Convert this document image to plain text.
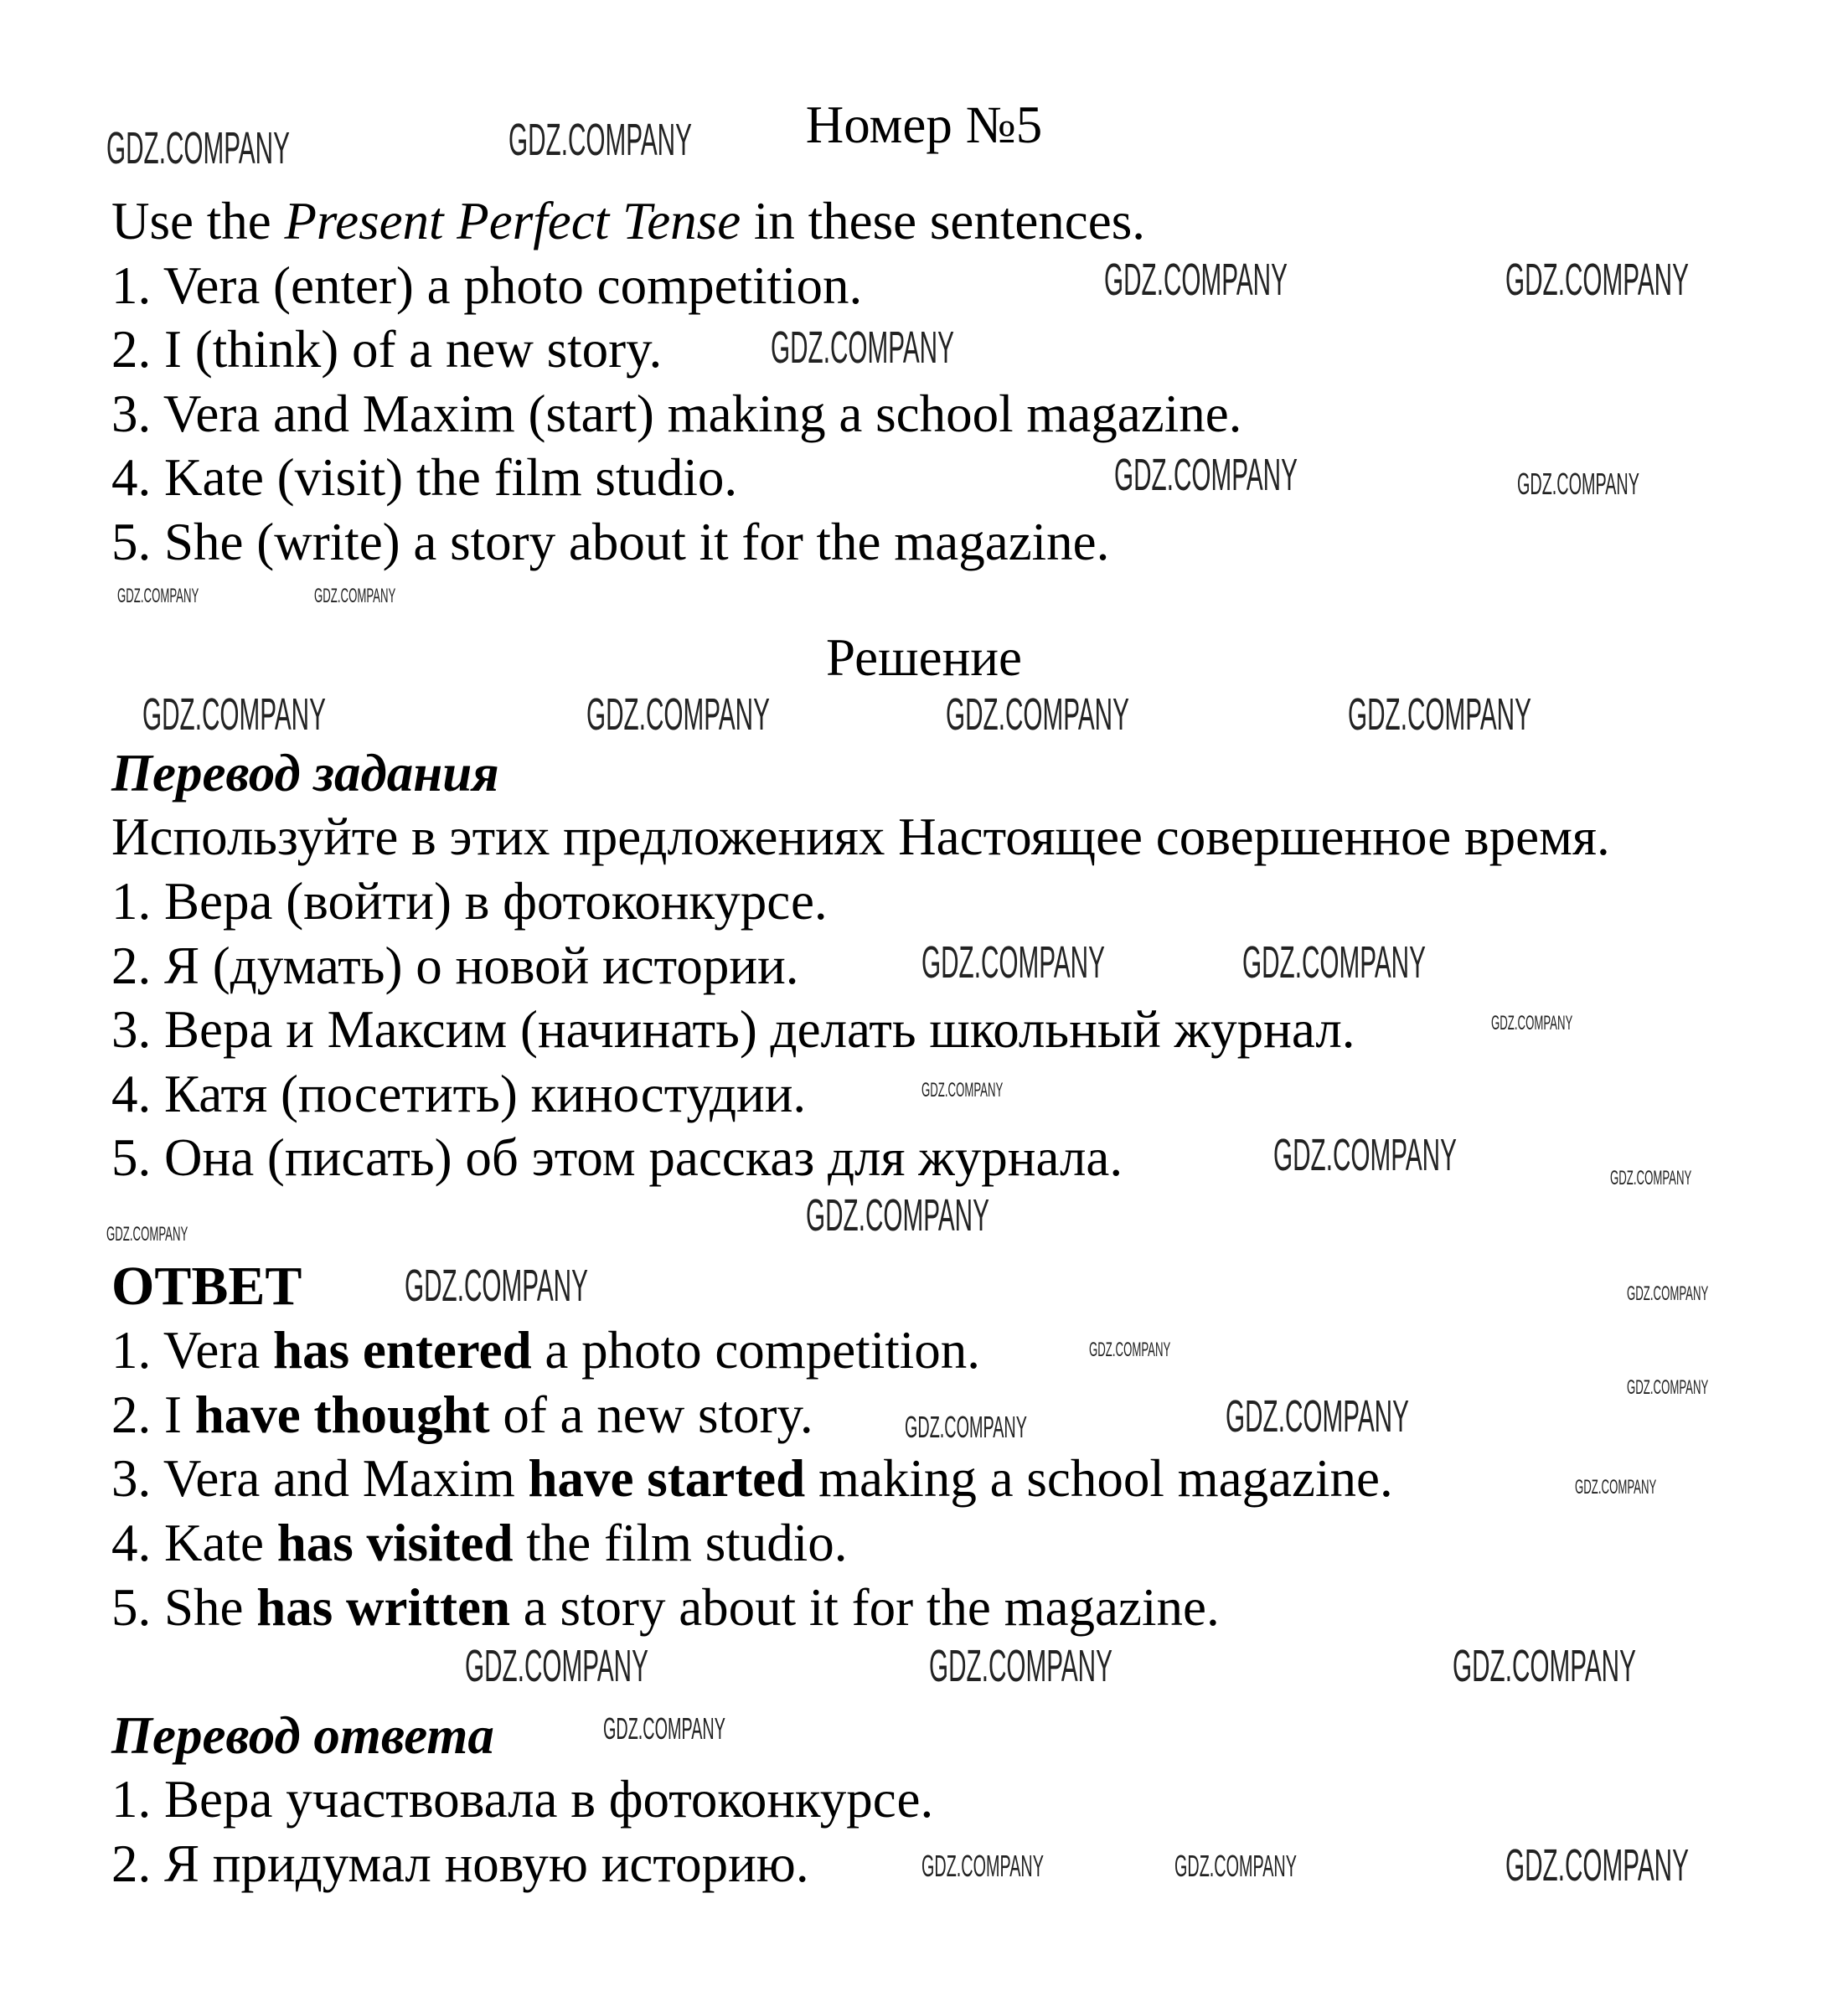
Номер №5
Use the Present Perfect Tense in these sentences.
1. Vera (enter) a photo competition.
2. I (think) of a new story.
3. Vera and Maxim (start) making a school magazine.
4. Kate (visit) the film studio.
5. She (write) a story about it for the magazine.
Решение
Перевод задания
Используйте в этих предложениях Настоящее совершенное время.
1. Вера (войти) в фотоконкурсе.
2. Я (думать) о новой истории.
3. Вера и Максим (начинать) делать школьный журнал.
4. Катя (посетить) киностудии.
5. Она (писать) об этом рассказ для журнала.
ОТВЕТ
1. Vera has entered a photo competition.
2. I have thought of a new story.
3. Vera and Maxim have started making a school magazine.
4. Kate has visited the film studio.
5. She has written a story about it for the magazine.
Перевод ответа
1. Вера участвовала в фотоконкурсе.
2. Я придумал новую историю.
GDZ.COMPANY
GDZ.COMPANY
GDZ.COMPANY	GDZ.COMPANY
GDZ.COMPANY
GDZ.COMPANY
GDZ.COMPANY	GDZ.COMPANY	GDZ.COMPANY	GDZ.COMPANY
GDZ.COMPANY	GDZ.COMPANY
GDZ.COMPANY
GDZ.COMPANY
GDZ.COMPANY
GDZ.COMPANY
GDZ.COMPANY	GDZ.COMPANY	GDZ.COMPANY
GDZ.COMPANY
GDZ.COMPANY
GDZ.COMPANY
GDZ.COMPANY
GDZ.COMPANY	GDZ.COMPANY
GDZ.COMPANY
GDZ.COMPANY
GDZ.COMPANY
GDZ.COMPANY
GDZ.COMPANY
GDZ.COMPANY
GDZ.COMPANY
GDZ.COMPANY
GDZ.COMPANY
GDZ.COMPANY
